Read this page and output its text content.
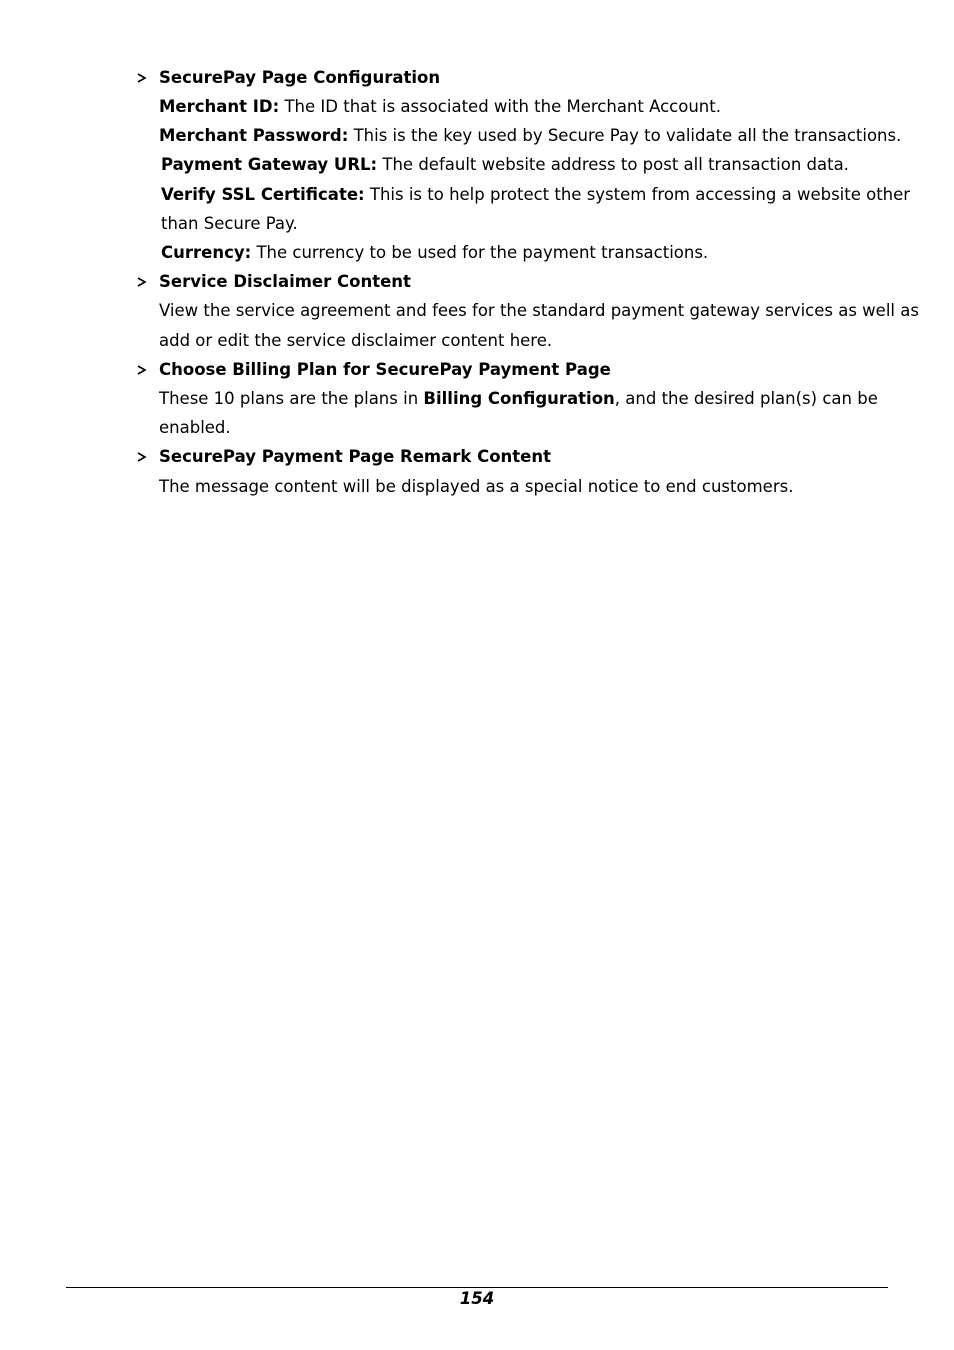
SecurePay Page Configuration
Merchant ID: The ID that is associated with the Merchant Account.
Merchant Password: This is the key used by Secure Pay to validate all the transactions.
Payment Gateway URL: The default website address to post all transaction data.
Verify SSL Certificate: This is to help protect the system from accessing a website other
than Secure Pay.
Currency: The currency to be used for the payment transactions.
Service Disclaimer Content
View the service agreement and fees for the standard payment gateway services as well as
add or edit the service disclaimer content here.
Choose Billing Plan for SecurePay Payment Page
These 10 plans are the plans in Billing Configuration, and the desired plan(s) can be
enabled.
SecurePay Payment Page Remark Content
The message content will be displayed as a special notice to end customers.
154
